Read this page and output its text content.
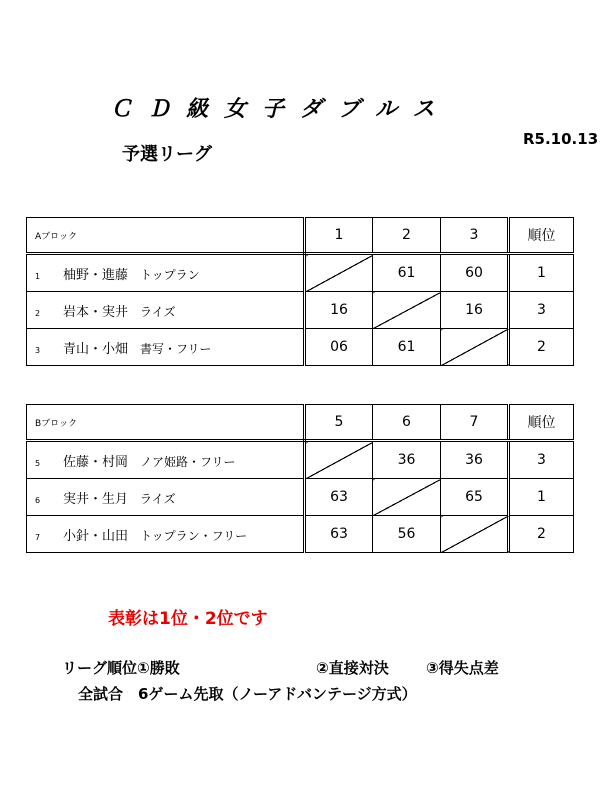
ＣＤ級女子ダブルス
予選リーグ
R5.10.13
Aブロック	1	2	3	順位
1 柚野・進藤 トップラン		61	60	1
2 岩本・実井 ライズ	16		16	3
3 青山・小畑 書写・フリー	06	61		2
Bブロック	5	6	7	順位
5 佐藤・村岡 ノア姫路・フリー		36	36	3
6 実井・生月 ライズ	63		65	1
7 小針・山田 トップラン・フリー	63	56		2
表彰は1位・2位です
リーグ順位①勝敗	②直接対決 ③得失点差
全試合　6ゲーム先取（ノーアドバンテージ方式）
